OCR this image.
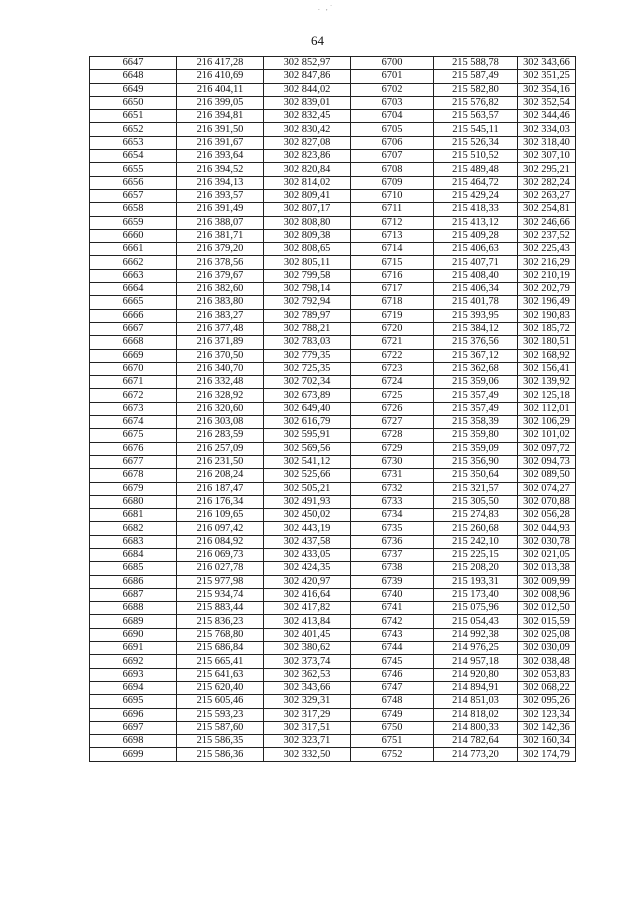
. ‚˙
64
6647	216 417,28	302 852,97	6700	215 588,78	302 343,66
6648	216 410,69	302 847,86	6701	215 587,49	302 351,25
6649	216 404,11	302 844,02	6702	215 582,80	302 354,16
6650	216 399,05	302 839,01	6703	215 576,82	302 352,54
6651	216 394,81	302 832,45	6704	215 563,57	302 344,46
6652	216 391,50	302 830,42	6705	215 545,11	302 334,03
6653	216 391,67	302 827,08	6706	215 526,34	302 318,40
6654	216 393,64	302 823,86	6707	215 510,52	302 307,10
6655	216 394,52	302 820,84	6708	215 489,48	302 295,21
6656	216 394,13	302 814,02	6709	215 464,72	302 282,24
6657	216 393,57	302 809,41	6710	215 429,24	302 263,27
6658	216 391,49	302 807,17	6711	215 418,33	302 254,81
6659	216 388,07	302 808,80	6712	215 413,12	302 246,66
6660	216 381,71	302 809,38	6713	215 409,28	302 237,52
6661	216 379,20	302 808,65	6714	215 406,63	302 225,43
6662	216 378,56	302 805,11	6715	215 407,71	302 216,29
6663	216 379,67	302 799,58	6716	215 408,40	302 210,19
6664	216 382,60	302 798,14	6717	215 406,34	302 202,79
6665	216 383,80	302 792,94	6718	215 401,78	302 196,49
6666	216 383,27	302 789,97	6719	215 393,95	302 190,83
6667	216 377,48	302 788,21	6720	215 384,12	302 185,72
6668	216 371,89	302 783,03	6721	215 376,56	302 180,51
6669	216 370,50	302 779,35	6722	215 367,12	302 168,92
6670	216 340,70	302 725,35	6723	215 362,68	302 156,41
6671	216 332,48	302 702,34	6724	215 359,06	302 139,92
6672	216 328,92	302 673,89	6725	215 357,49	302 125,18
6673	216 320,60	302 649,40	6726	215 357,49	302 112,01
6674	216 303,08	302 616,79	6727	215 358,39	302 106,29
6675	216 283,59	302 595,91	6728	215 359,80	302 101,02
6676	216 257,09	302 569,56	6729	215 359,09	302 097,72
6677	216 231,50	302 541,12	6730	215 356,90	302 094,73
6678	216 208,24	302 525,66	6731	215 350,64	302 089,50
6679	216 187,47	302 505,21	6732	215 321,57	302 074,27
6680	216 176,34	302 491,93	6733	215 305,50	302 070,88
6681	216 109,65	302 450,02	6734	215 274,83	302 056,28
6682	216 097,42	302 443,19	6735	215 260,68	302 044,93
6683	216 084,92	302 437,58	6736	215 242,10	302 030,78
6684	216 069,73	302 433,05	6737	215 225,15	302 021,05
6685	216 027,78	302 424,35	6738	215 208,20	302 013,38
6686	215 977,98	302 420,97	6739	215 193,31	302 009,99
6687	215 934,74	302 416,64	6740	215 173,40	302 008,96
6688	215 883,44	302 417,82	6741	215 075,96	302 012,50
6689	215 836,23	302 413,84	6742	215 054,43	302 015,59
6690	215 768,80	302 401,45	6743	214 992,38	302 025,08
6691	215 686,84	302 380,62	6744	214 976,25	302 030,09
6692	215 665,41	302 373,74	6745	214 957,18	302 038,48
6693	215 641,63	302 362,53	6746	214 920,80	302 053,83
6694	215 620,40	302 343,66	6747	214 894,91	302 068,22
6695	215 605,46	302 329,31	6748	214 851,03	302 095,26
6696	215 593,23	302 317,29	6749	214 818,02	302 123,34
6697	215 587,60	302 317,51	6750	214 800,33	302 142,36
6698	215 586,35	302 323,71	6751	214 782,64	302 160,34
6699	215 586,36	302 332,50	6752	214 773,20	302 174,79
